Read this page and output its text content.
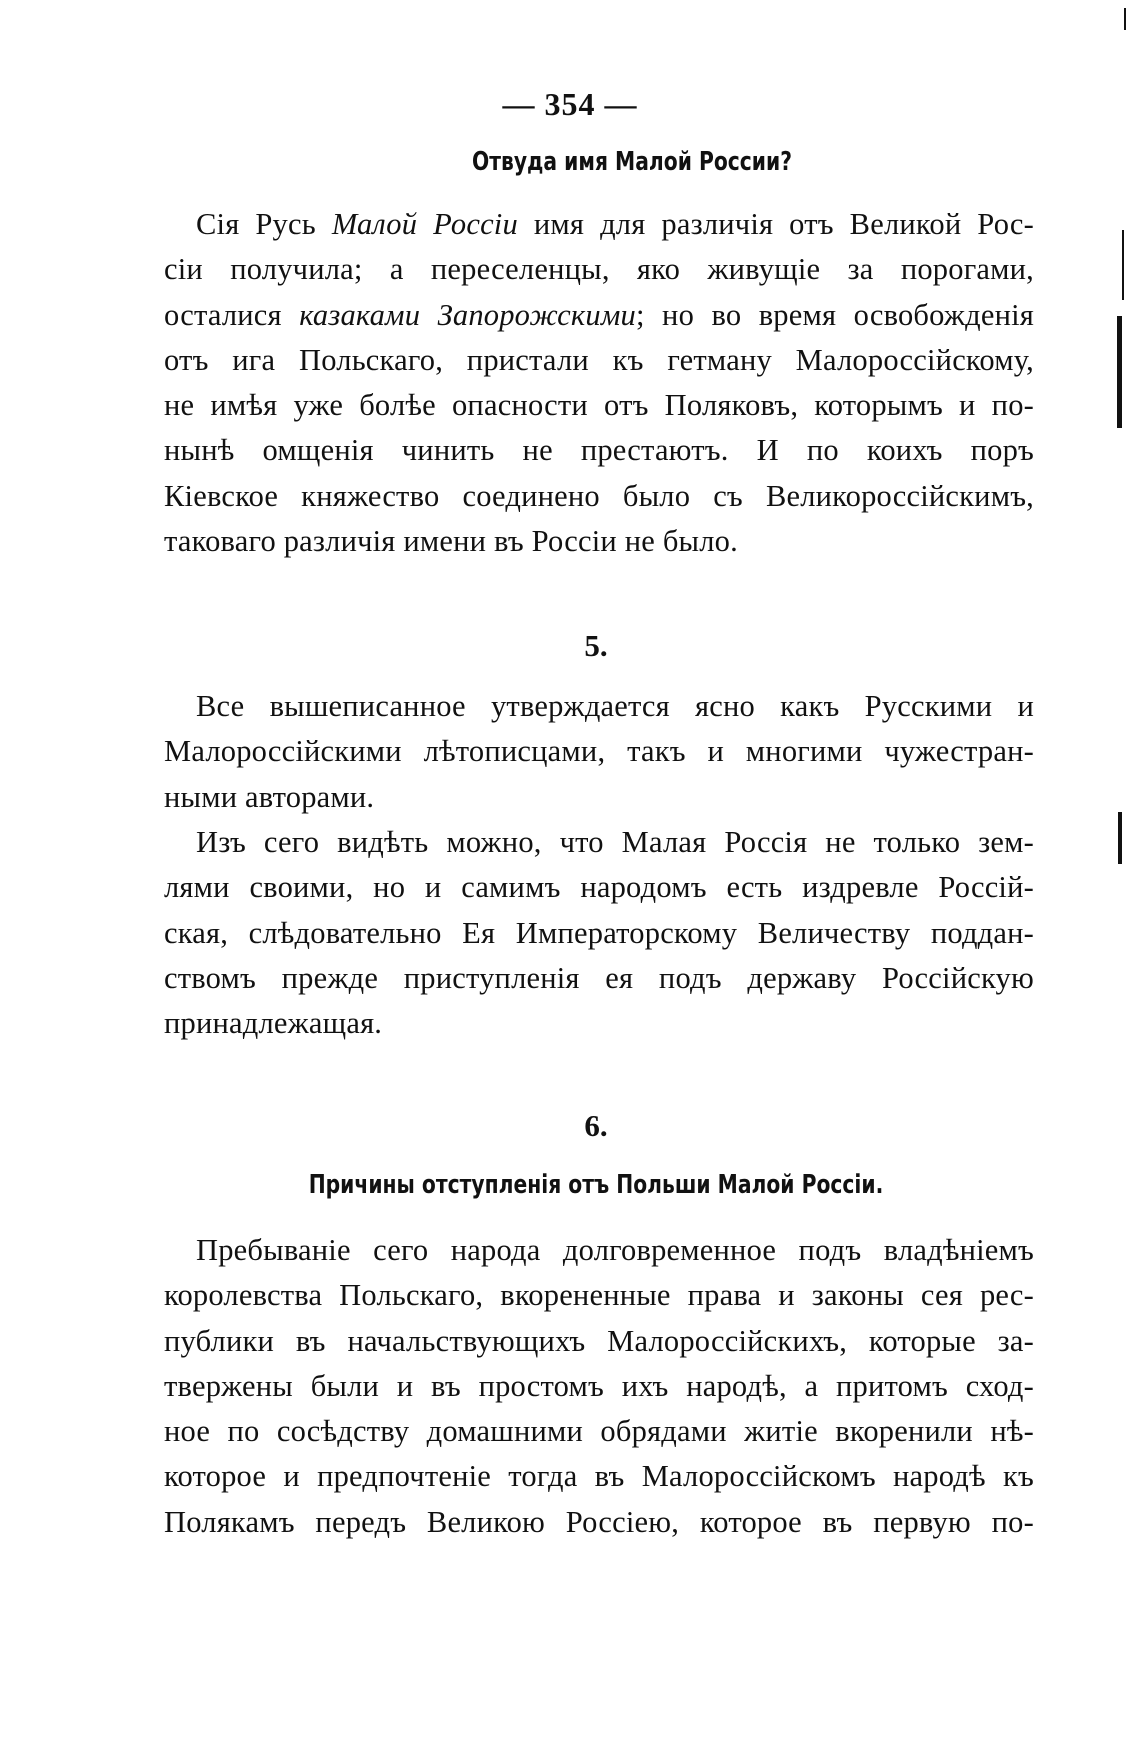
— 354 —
Отвуда имя Малой России?
Сія Русь Малой Россіи имя для различія отъ Великой Рос-
сіи получила; а переселенцы, яко живущіе за порогами,
осталися казаками Запорожскими; но во время освобожденія
отъ ига Польскаго, пристали къ гетману Малороссійскому,
не имѣя уже болѣе опасности отъ Поляковъ, которымъ и по-
нынѣ омщенія чинить не престаютъ. И по коихъ поръ
Кіевское княжество соединено было съ Великороссійскимъ,
таковаго различія имени въ Россіи не было.
5.
Все вышеписанное утверждается ясно какъ Русскими и
Малороссійскими лѣтописцами, такъ и многими чужестран-
ными авторами.
Изъ сего видѣть можно, что Малая Россія не только зем-
лями своими, но и самимъ народомъ есть издревле Россій-
ская, слѣдовательно Ея Императорскому Величеству поддан-
ствомъ прежде приступленія ея подъ державу Россійскую
принадлежащая.
6.
Причины отступленія отъ Польши Малой Россіи.
Пребываніе сего народа долговременное подъ владѣніемъ
королевства Польскаго, вкорененные права и законы сея рес-
публики въ начальствующихъ Малороссійскихъ, которые за-
твержены были и въ простомъ ихъ народѣ, а притомъ сход-
ное по сосѣдству домашними обрядами житіе вкоренили нѣ-
которое и предпочтеніе тогда въ Малороссійскомъ народѣ къ
Полякамъ передъ Великою Россіею, которое въ первую по-
